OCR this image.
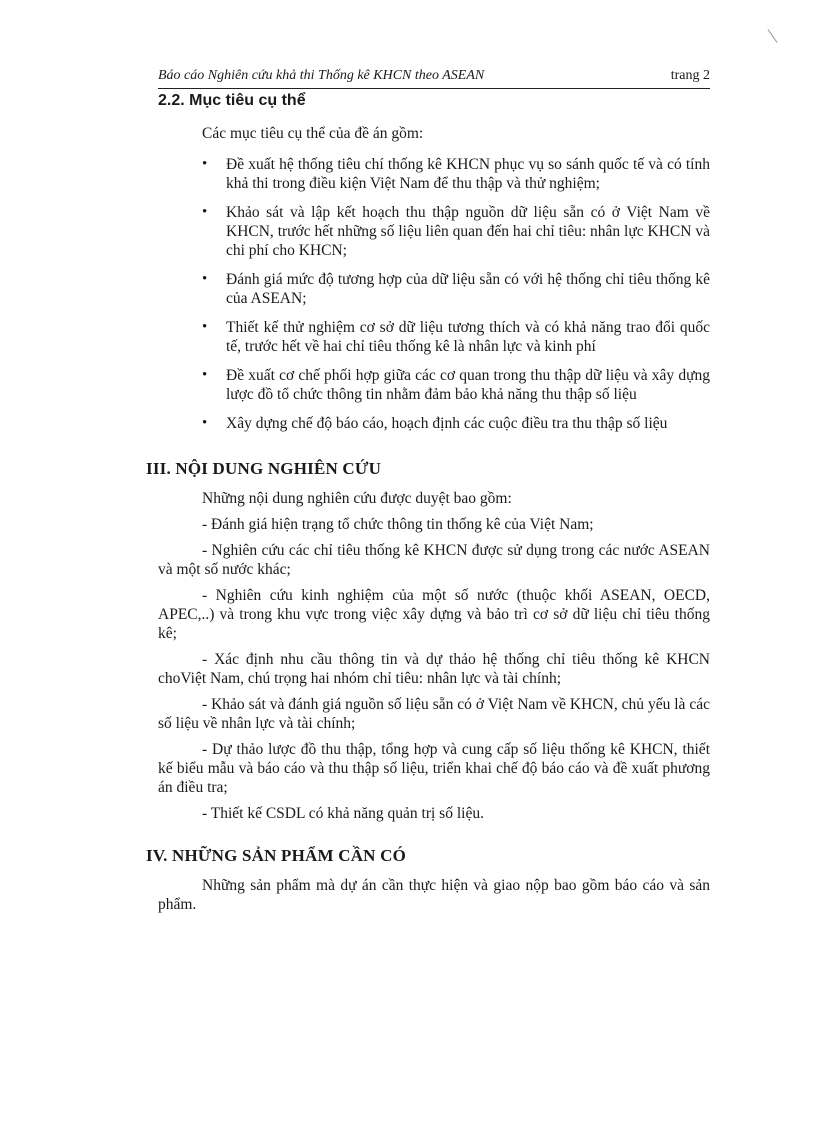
Báo cáo Nghiên cứu khả thi Thống kê KHCN theo ASEAN	trang 2
2.2. Mục tiêu cụ thể

Các mục tiêu cụ thể của đề án gồm:

• Đề xuất hệ thống tiêu chí thống kê KHCN phục vụ so sánh quốc tế và có tính khả thi trong điều kiện Việt Nam để thu thập và thử nghiệm;
• Khảo sát và lập kết hoạch thu thập nguồn dữ liệu sẵn có ở Việt Nam về KHCN, trước hết những số liệu liên quan đến hai chỉ tiêu: nhân lực KHCN và chi phí cho KHCN;
• Đánh giá mức độ tương hợp của dữ liệu sẵn có với hệ thống chỉ tiêu thống kê của ASEAN;
• Thiết kế thử nghiệm cơ sở dữ liệu tương thích và có khả năng trao đổi quốc tế, trước hết về hai chỉ tiêu thống kê là nhân lực và kinh phí
• Đề xuất cơ chế phối hợp giữa các cơ quan trong thu thập dữ liệu và xây dựng lược đồ tổ chức thông tin nhằm đảm bảo khả năng thu thập số liệu
• Xây dựng chế độ báo cáo, hoạch định các cuộc điều tra thu thập số liệu
III. NỘI DUNG NGHIÊN CỨU

Những nội dung nghiên cứu được duyệt bao gồm:

- Đánh giá hiện trạng tổ chức thông tin thống kê của Việt Nam;

- Nghiên cứu các chỉ tiêu thống kê KHCN được sử dụng trong các nước ASEAN và một số nước khác;

- Nghiên cứu kinh nghiệm của một số nước (thuộc khối ASEAN, OECD, APEC,..) và trong khu vực trong việc xây dựng và bảo trì cơ sở dữ liệu chỉ tiêu thống kê;

- Xác định nhu cầu thông tin và dự thảo hệ thống chỉ tiêu thống kê KHCN choViệt Nam, chú trọng hai nhóm chỉ tiêu: nhân lực và tài chính;

- Khảo sát và đánh giá nguồn số liệu sẵn có ở Việt Nam về KHCN, chủ yếu là các số liệu về nhân lực và tài chính;

- Dự thảo lược đồ thu thập, tổng hợp và cung cấp số liệu thống kê KHCN, thiết kế biểu mẫu và báo cáo và thu thập số liệu, triển khai chế độ báo cáo và đề xuất phương án điều tra;

- Thiết kế CSDL có khả năng quản trị số liệu.

IV. NHỮNG SẢN PHẨM CẦN CÓ

Những sản phẩm mà dự án cần thực hiện và giao nộp bao gồm báo cáo và sản phẩm.
